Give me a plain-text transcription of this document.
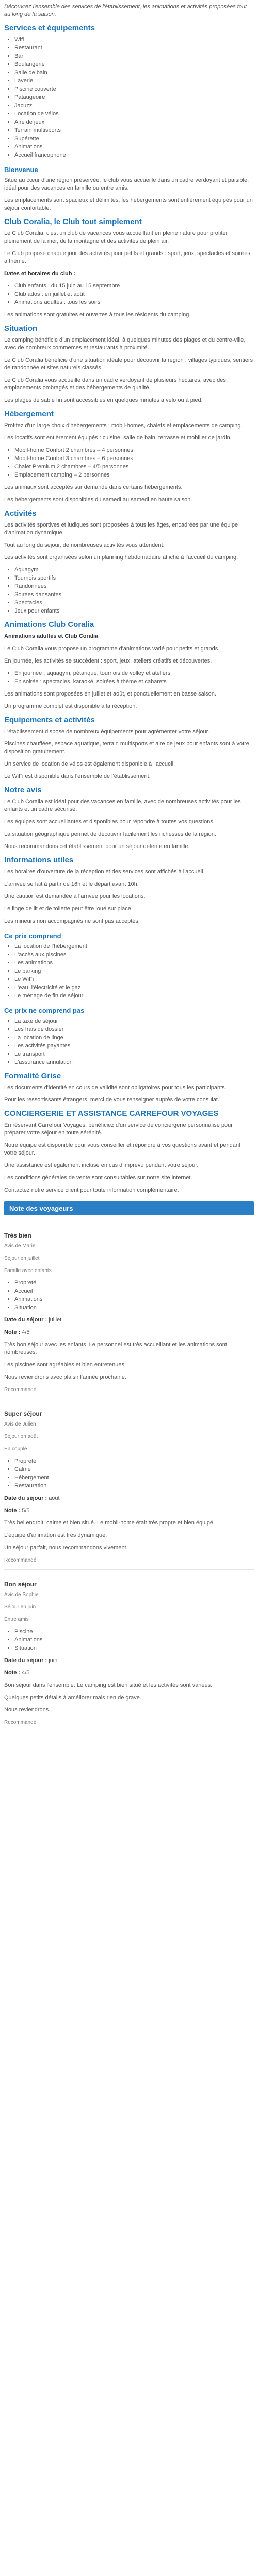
Découvrez l'ensemble des services de l'établissement, les animations et activités proposées tout au long de la saison.

Services et équipements
• Wifi
• Restaurant
• Bar
• Boulangerie
• Salle de bain
• Laverie
• Piscine couverte
• Pataugeoire
• Jacuzzi
• Location de vélos
• Aire de jeux
• Terrain multisports
• Supérette
• Animations
• Accueil francophone
Bienvenue

Situé au cœur d'une région préservée, le club vous accueille dans un cadre verdoyant et paisible, idéal pour des vacances en famille ou entre amis.

Les emplacements sont spacieux et délimités, les hébergements sont entièrement équipés pour un séjour confortable.

Club Coralia, le Club tout simplement

Le Club Coralia, c'est un club de vacances vous accueillant en pleine nature pour profiter pleinement de la mer, de la montagne et des activités de plein air.

Le Club propose chaque jour des activités pour petits et grands : sport, jeux, spectacles et soirées à thème.

Dates et horaires du club :

• Club enfants : du 15 juin au 15 septembre
• Club ados : en juillet et août
• Animations adultes : tous les soirs

Les animations sont gratuites et ouvertes à tous les résidents du camping.

Situation

Le camping bénéficie d'un emplacement idéal, à quelques minutes des plages et du centre-ville, avec de nombreux commerces et restaurants à proximité.

Le Club Coralia bénéficie d'une situation idéale pour découvrir la région : villages typiques, sentiers de randonnée et sites naturels classés.

Le Club Coralia vous accueille dans un cadre verdoyant de plusieurs hectares, avec des emplacements ombragés et des hébergements de qualité.

Les plages de sable fin sont accessibles en quelques minutes à vélo ou à pied.

Hébergement

Profitez d'un large choix d'hébergements : mobil-homes, chalets et emplacements de camping.

Les locatifs sont entièrement équipés : cuisine, salle de bain, terrasse et mobilier de jardin.

• Mobil-home Confort 2 chambres – 4 personnes
• Mobil-home Confort 3 chambres – 6 personnes
• Chalet Premium 2 chambres – 4/5 personnes
• Emplacement camping – 2 personnes

Les animaux sont acceptés sur demande dans certains hébergements.

Les hébergements sont disponibles du samedi au samedi en haute saison.

Activités

Les activités sportives et ludiques sont proposées à tous les âges, encadrées par une équipe d'animation dynamique.

Tout au long du séjour, de nombreuses activités vous attendent.

Les activités sont organisées selon un planning hebdomadaire affiché à l'accueil du camping.

• Aquagym
• Tournois sportifs
• Randonnées
• Soirées dansantes
• Spectacles
• Jeux pour enfants
Animations Club Coralia

Animations adultes et Club Coralia

Le Club Coralia vous propose un programme d'animations varié pour petits et grands.

En journée, les activités se succèdent : sport, jeux, ateliers créatifs et découvertes.

• En journée : aquagym, pétanque, tournois de volley et ateliers
• En soirée : spectacles, karaoké, soirées à thème et cabarets

Les animations sont proposées en juillet et août, et ponctuellement en basse saison.

Un programme complet est disponible à la réception.

Equipements et activités

L'établissement dispose de nombreux équipements pour agrémenter votre séjour.

Piscines chauffées, espace aquatique, terrain multisports et aire de jeux pour enfants sont à votre disposition gratuitement.

Un service de location de vélos est également disponible à l'accueil.

Le WiFi est disponible dans l'ensemble de l'établissement.

Notre avis

Le Club Coralia est idéal pour des vacances en famille, avec de nombreuses activités pour les enfants et un cadre sécurisé.

Les équipes sont accueillantes et disponibles pour répondre à toutes vos questions.

La situation géographique permet de découvrir facilement les richesses de la région.

Nous recommandons cet établissement pour un séjour détente en famille.

Informations utiles

Les horaires d'ouverture de la réception et des services sont affichés à l'accueil.

L'arrivée se fait à partir de 16h et le départ avant 10h.

Une caution est demandée à l'arrivée pour les locations.

Le linge de lit et de toilette peut être loué sur place.

Les mineurs non accompagnés ne sont pas acceptés.

Ce prix comprend
• La location de l'hébergement
• L'accès aux piscines
• Les animations
• Le parking
• Le WiFi
• L'eau, l'électricité et le gaz
• Le ménage de fin de séjour
Ce prix ne comprend pas
• La taxe de séjour
• Les frais de dossier
• La location de linge
• Les activités payantes
• Le transport
• L'assurance annulation
Formalité Grise

Les documents d'identité en cours de validité sont obligatoires pour tous les participants.

Pour les ressortissants étrangers, merci de vous renseigner auprès de votre consulat.

CONCIERGERIE ET ASSISTANCE CARREFOUR VOYAGES

En réservant Carrefour Voyages, bénéficiez d'un service de conciergerie personnalisé pour préparer votre séjour en toute sérénité.

Notre équipe est disponible pour vous conseiller et répondre à vos questions avant et pendant votre séjour.

Une assistance est également incluse en cas d'imprévu pendant votre séjour.

Les conditions générales de vente sont consultables sur notre site internet.

Contactez notre service client pour toute information complémentaire.

Note des voyageurs
Très bien

Avis de Marie

Séjour en juillet

Famille avec enfants

• Propreté
• Accueil
• Animations
• Situation

Date du séjour : juillet

Note : 4/5

Très bon séjour avec les enfants. Le personnel est très accueillant et les animations sont nombreuses.

Les piscines sont agréables et bien entretenues.

Nous reviendrons avec plaisir l'année prochaine.

Recommandé

Super séjour

Avis de Julien

Séjour en août

En couple

• Propreté
• Calme
• Hébergement
• Restauration

Date du séjour : août

Note : 5/5

Très bel endroit, calme et bien situé. Le mobil-home était très propre et bien équipé.

L'équipe d'animation est très dynamique.

Un séjour parfait, nous recommandons vivement.

Recommandé

Bon séjour

Avis de Sophie

Séjour en juin

Entre amis

• Piscine
• Animations
• Situation

Date du séjour : juin

Note : 4/5

Bon séjour dans l'ensemble. Le camping est bien situé et les activités sont variées.

Quelques petits détails à améliorer mais rien de grave.

Nous reviendrons.

Recommandé
